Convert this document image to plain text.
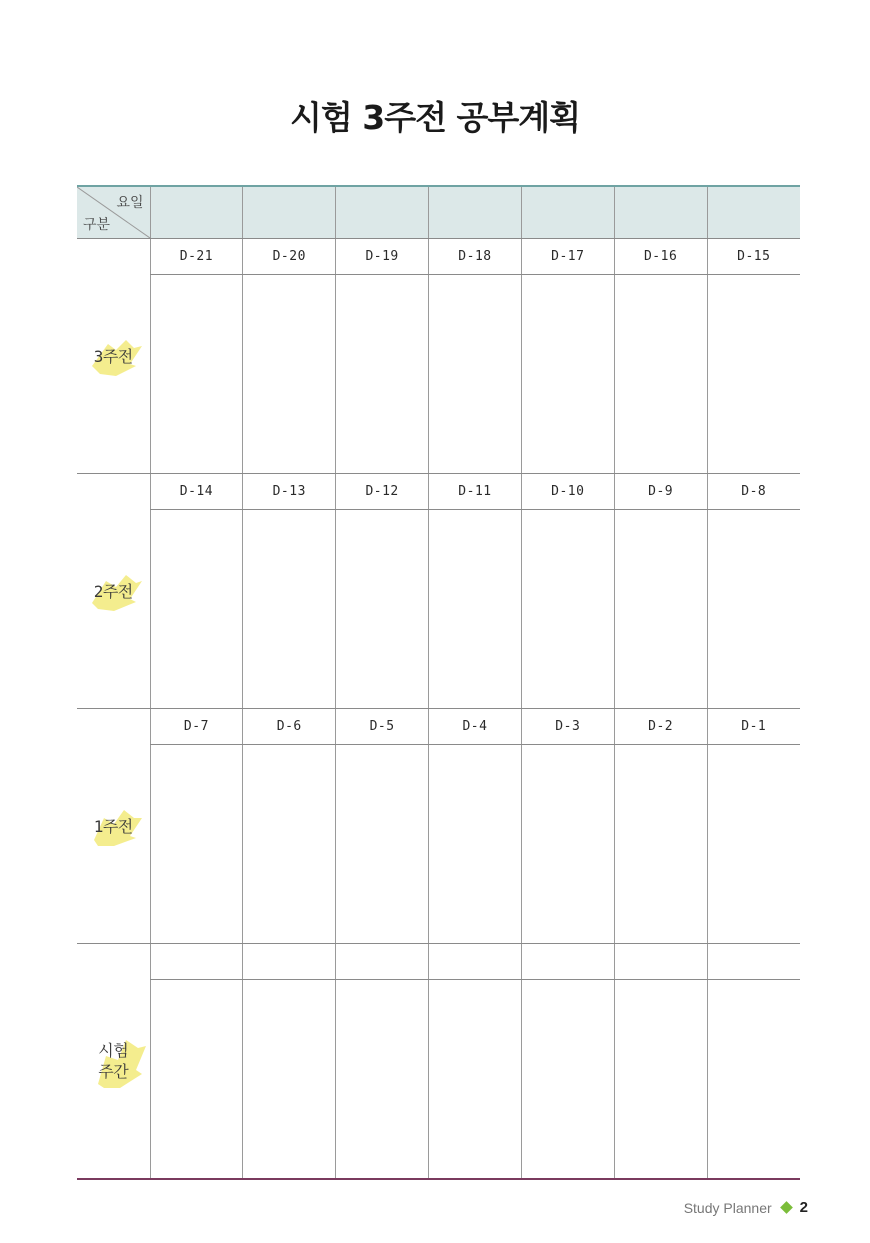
시험 3주전 공부계획
요일
구분							

3주전	D-21	D-20	D-19	D-18	D-17	D-16	D-15

2주전	D-14	D-13	D-12	D-11	D-10	D-9	D-8

1주전	D-7	D-6	D-5	D-4	D-3	D-2	D-1

시험
주간							

Study Planner 2
